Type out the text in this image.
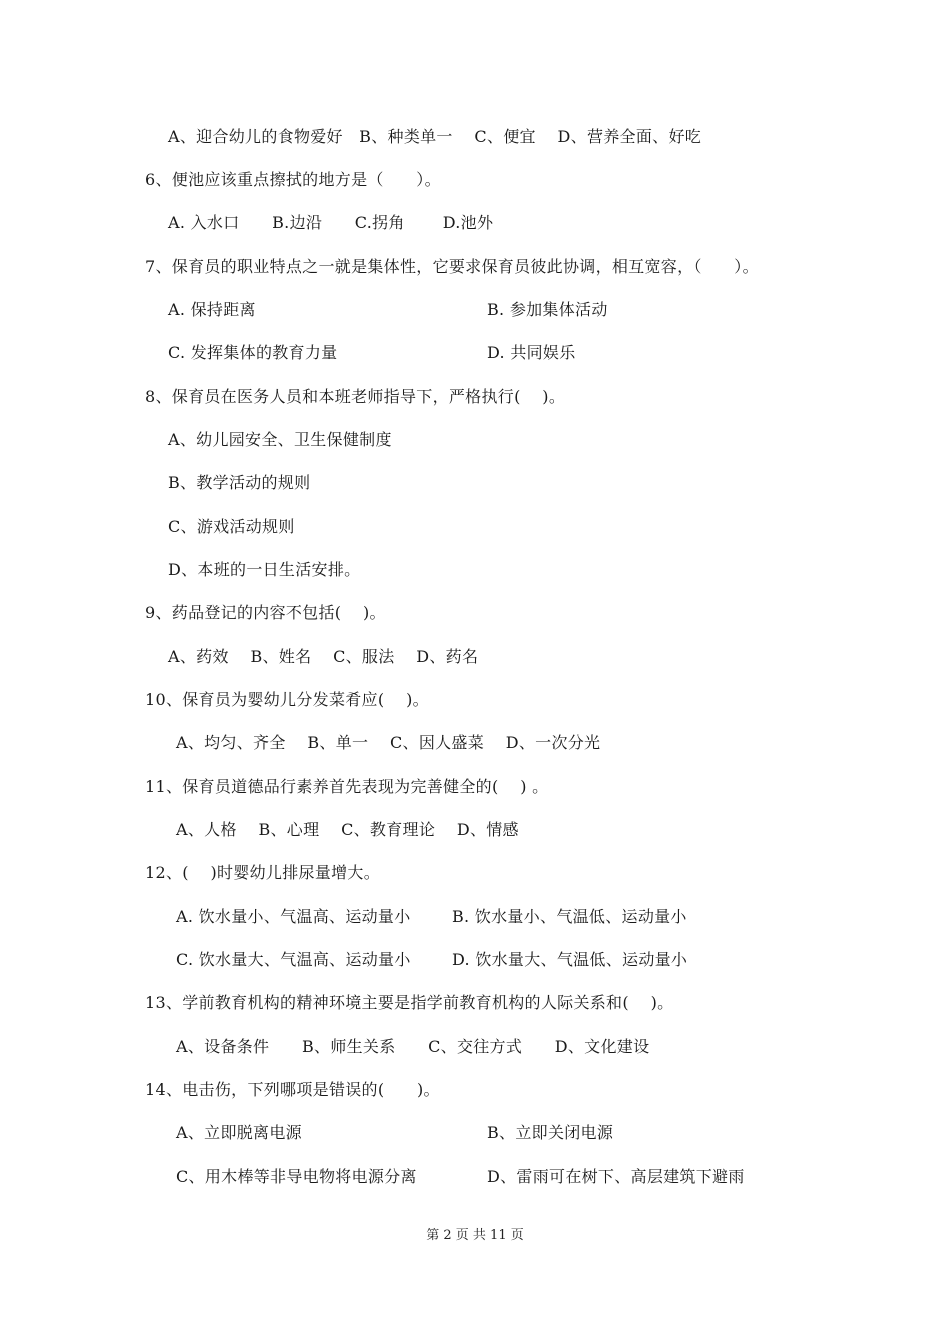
A、迎合幼儿的食物爱好　B、种类单一　 C、便宜　 D、营养全面、好吃
6、便池应该重点擦拭的地方是（　　）。
A. 入水口　　B.边沿　　C.拐角　　 D.池外
7、保育员的职业特点之一就是集体性，它要求保育员彼此协调，相互宽容，（　　）。
A. 保持距离	B. 参加集体活动
C. 发挥集体的教育力量	D. 共同娱乐
8、保育员在医务人员和本班老师指导下，严格执行(　 )。
A、幼儿园安全、卫生保健制度
B、教学活动的规则
C、游戏活动规则
D、本班的一日生活安排。
9、药品登记的内容不包括(　 )。
A、药效　 B、姓名　 C、服法　 D、药名
10、保育员为婴幼儿分发菜肴应(　 )。
A、均匀、齐全　 B、单一　 C、因人盛菜　 D、一次分光
11、保育员道德品行素养首先表现为完善健全的(　 ) 。
A、人格　 B、心理　 C、教育理论　 D、情感
12、(　 )时婴幼儿排尿量增大。
A. 饮水量小、气温高、运动量小	B. 饮水量小、气温低、运动量小
C. 饮水量大、气温高、运动量小	D. 饮水量大、气温低、运动量小
13、学前教育机构的精神环境主要是指学前教育机构的人际关系和(　 )。
A、设备条件　　B、师生关系　　C、交往方式　　D、文化建设
14、电击伤，下列哪项是错误的(　　)。
A、立即脱离电源	B、立即关闭电源
C、用木棒等非导电物将电源分离	D、雷雨可在树下、高层建筑下避雨
第 2 页 共 11 页
